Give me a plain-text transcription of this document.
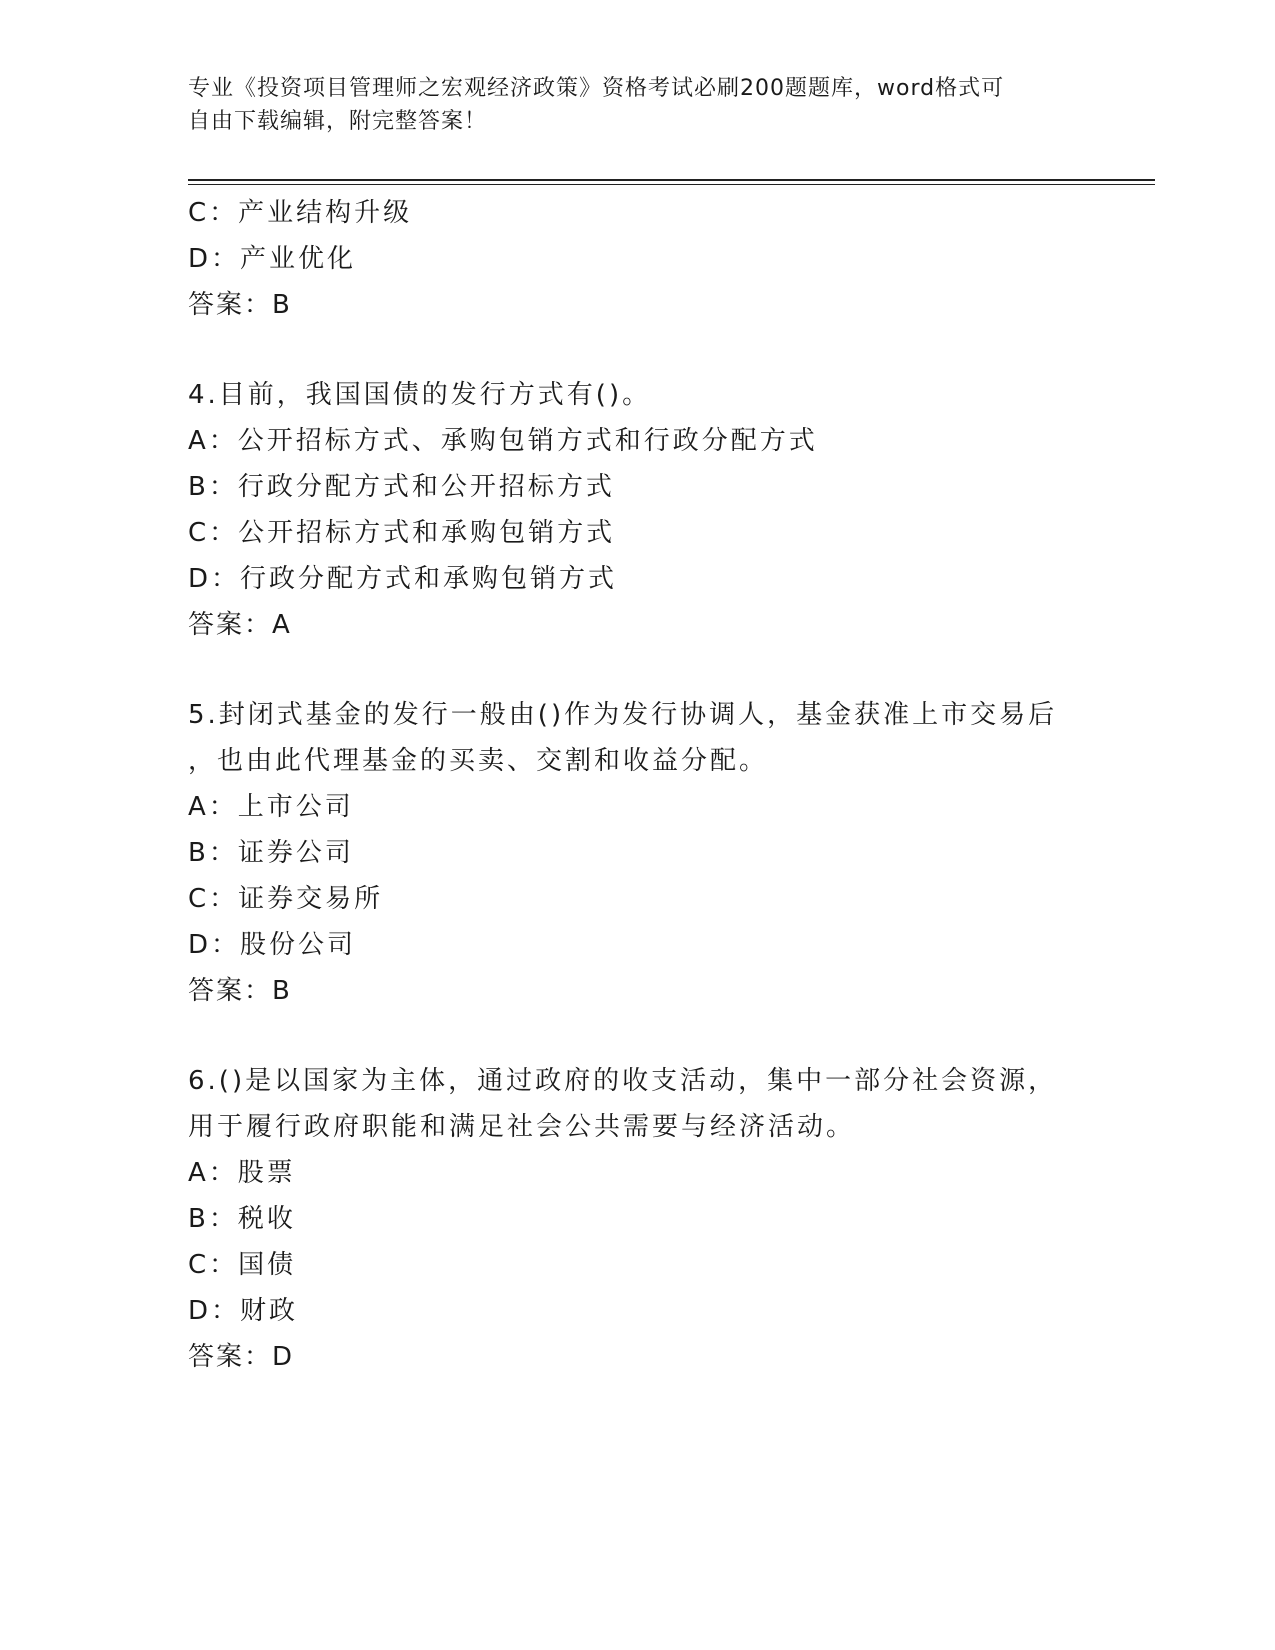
专业《投资项目管理师之宏观经济政策》资格考试必刷200题题库，word格式可
自由下载编辑，附完整答案！
C：产业结构升级
D：产业优化
答案：B
4.目前，我国国债的发行方式有()。
A：公开招标方式、承购包销方式和行政分配方式
B：行政分配方式和公开招标方式
C：公开招标方式和承购包销方式
D：行政分配方式和承购包销方式
答案：A
5.封闭式基金的发行一般由()作为发行协调人，基金获准上市交易后
，也由此代理基金的买卖、交割和收益分配。
A：上市公司
B：证券公司
C：证券交易所
D：股份公司
答案：B
6.()是以国家为主体，通过政府的收支活动，集中一部分社会资源，
用于履行政府职能和满足社会公共需要与经济活动。
A：股票
B：税收
C：国债
D：财政
答案：D
